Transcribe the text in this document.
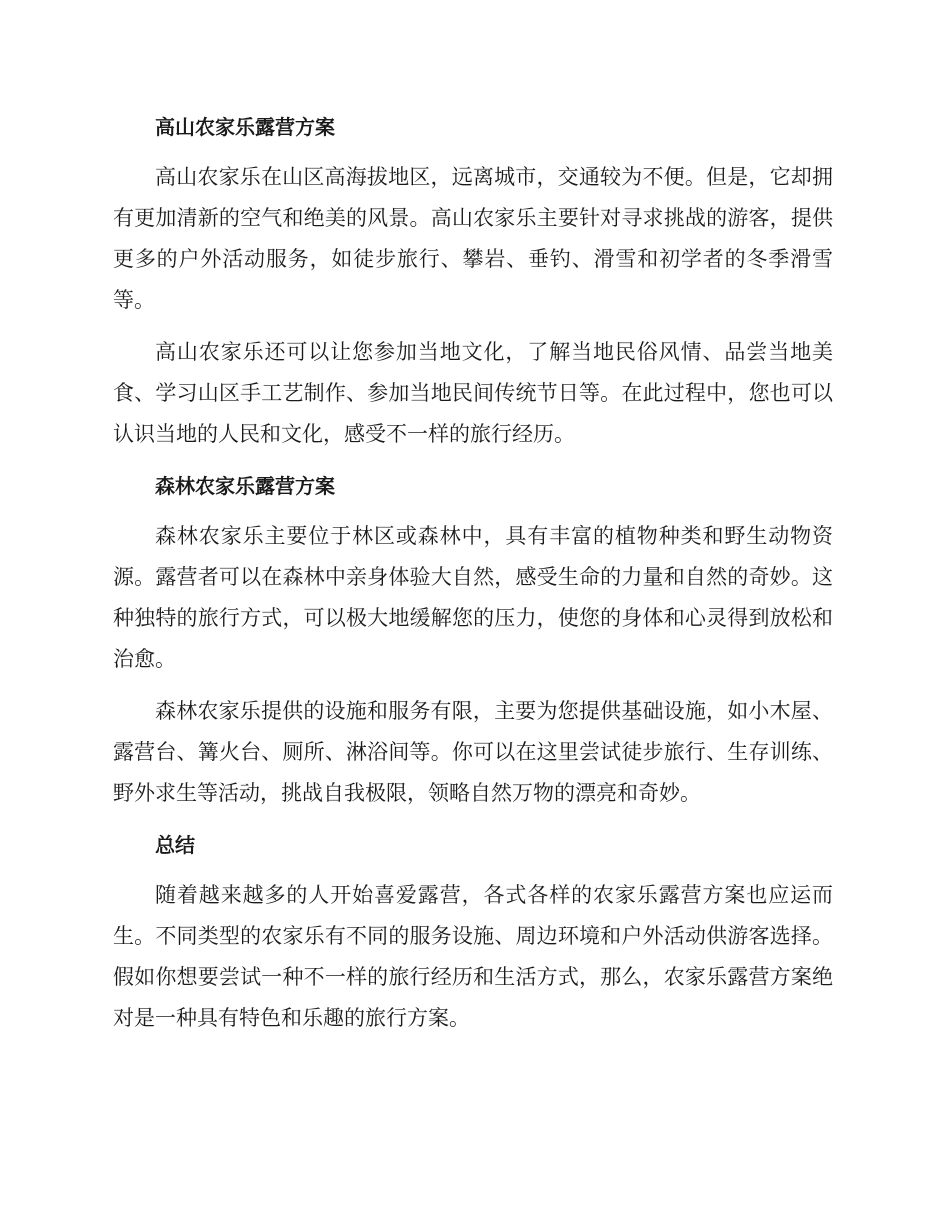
高山农家乐露营方案

高山农家乐在山区高海拔地区，远离城市，交通较为不便。但是，它却拥有更加清新的空气和绝美的风景。高山农家乐主要针对寻求挑战的游客，提供更多的户外活动服务，如徒步旅行、攀岩、垂钓、滑雪和初学者的冬季滑雪等。

高山农家乐还可以让您参加当地文化，了解当地民俗风情、品尝当地美食、学习山区手工艺制作、参加当地民间传统节日等。在此过程中，您也可以认识当地的人民和文化，感受不一样的旅行经历。

森林农家乐露营方案

森林农家乐主要位于林区或森林中，具有丰富的植物种类和野生动物资源。露营者可以在森林中亲身体验大自然，感受生命的力量和自然的奇妙。这种独特的旅行方式，可以极大地缓解您的压力，使您的身体和心灵得到放松和治愈。

森林农家乐提供的设施和服务有限，主要为您提供基础设施，如小木屋、露营台、篝火台、厕所、淋浴间等。你可以在这里尝试徒步旅行、生存训练、野外求生等活动，挑战自我极限，领略自然万物的漂亮和奇妙。

总结

随着越来越多的人开始喜爱露营，各式各样的农家乐露营方案也应运而生。不同类型的农家乐有不同的服务设施、周边环境和户外活动供游客选择。假如你想要尝试一种不一样的旅行经历和生活方式，那么，农家乐露营方案绝对是一种具有特色和乐趣的旅行方案。
